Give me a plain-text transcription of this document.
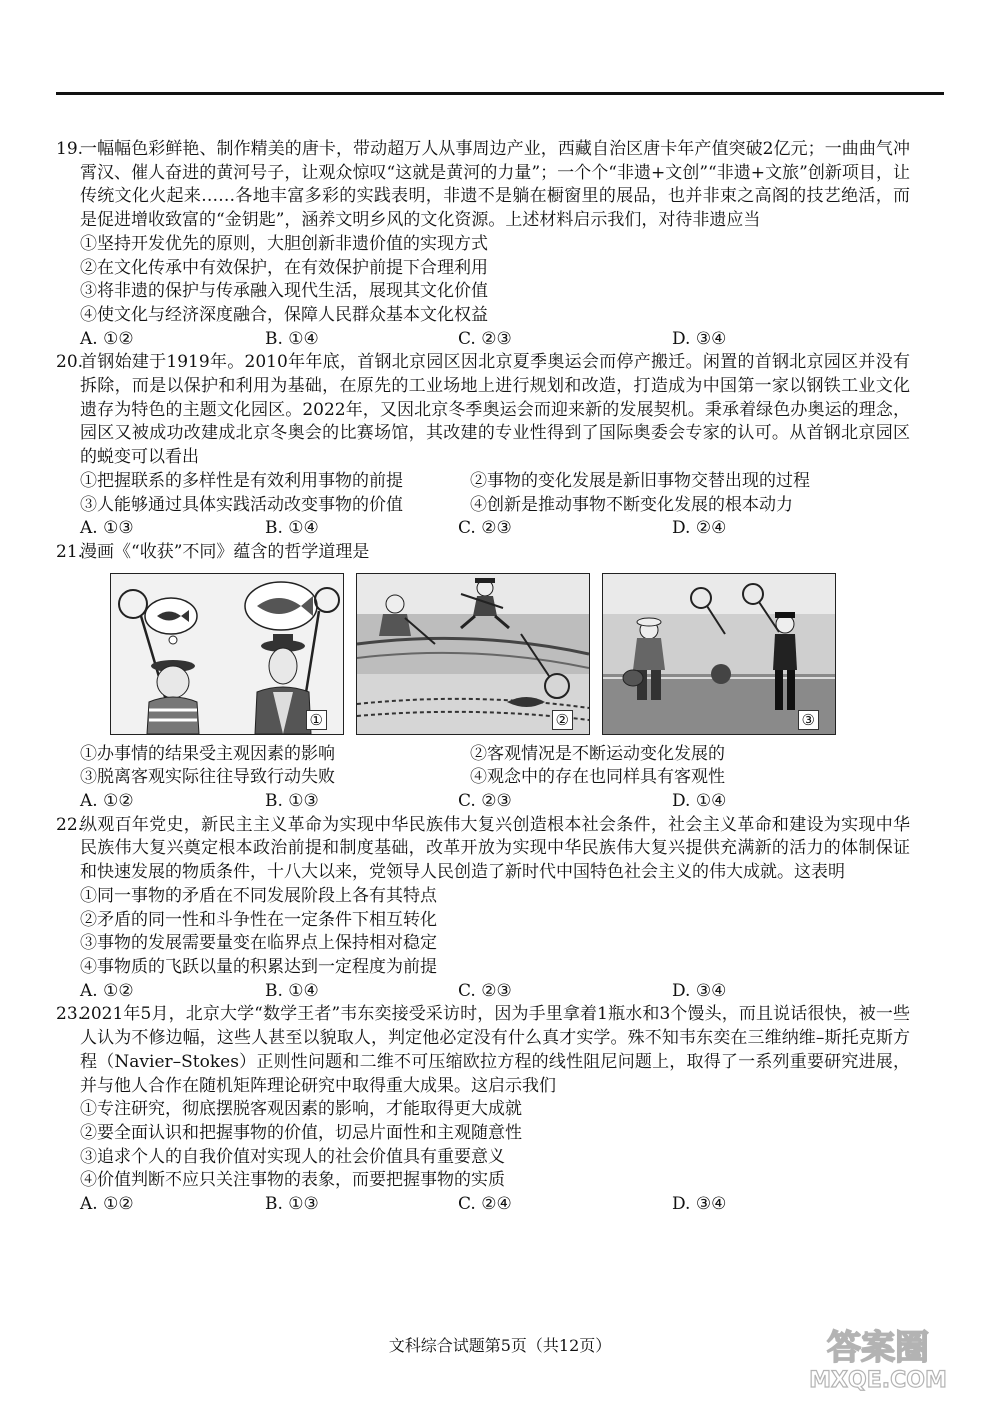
19.
一幅幅色彩鲜艳、制作精美的唐卡，带动超万人从事周边产业，西藏自治区唐卡年产值突破2亿元；一曲曲气冲霄汉、催人奋进的黄河号子，让观众惊叹“这就是黄河的力量”；一个个“非遗+文创”“非遗+文旅”创新项目，让传统文化火起来……各地丰富多彩的实践表明，非遗不是躺在橱窗里的展品，也并非束之高阁的技艺绝活，而是促进增收致富的“金钥匙”，涵养文明乡风的文化资源。上述材料启示我们，对待非遗应当
①坚持开发优先的原则，大胆创新非遗价值的实现方式
②在文化传承中有效保护，在有效保护前提下合理利用
③将非遗的保护与传承融入现代生活，展现其文化价值
④使文化与经济深度融合，保障人民群众基本文化权益
A. ①②	B. ①④	C. ②③	D. ③④
20.
首钢始建于1919年。2010年年底，首钢北京园区因北京夏季奥运会而停产搬迁。闲置的首钢北京园区并没有拆除，而是以保护和利用为基础，在原先的工业场地上进行规划和改造，打造成为中国第一家以钢铁工业文化遗存为特色的主题文化园区。2022年，又因北京冬季奥运会而迎来新的发展契机。秉承着绿色办奥运的理念，园区又被成功改建成北京冬奥会的比赛场馆，其改建的专业性得到了国际奥委会专家的认可。从首钢北京园区的蜕变可以看出
①把握联系的多样性是有效利用事物的前提	②事物的变化发展是新旧事物交替出现的过程
③人能够通过具体实践活动改变事物的价值	④创新是推动事物不断变化发展的根本动力
A. ①③	B. ①④	C. ②③	D. ②④
21.
漫画《“收获”不同》蕴含的哲学道理是
①	②	③
①办事情的结果受主观因素的影响	②客观情况是不断运动变化发展的
③脱离客观实际往往导致行动失败	④观念中的存在也同样具有客观性
A. ①②	B. ①③	C. ②③	D. ①④
22.
纵观百年党史，新民主主义革命为实现中华民族伟大复兴创造根本社会条件，社会主义革命和建设为实现中华民族伟大复兴奠定根本政治前提和制度基础，改革开放为实现中华民族伟大复兴提供充满新的活力的体制保证和快速发展的物质条件，十八大以来，党领导人民创造了新时代中国特色社会主义的伟大成就。这表明
①同一事物的矛盾在不同发展阶段上各有其特点
②矛盾的同一性和斗争性在一定条件下相互转化
③事物的发展需要量变在临界点上保持相对稳定
④事物质的飞跃以量的积累达到一定程度为前提
A. ①②	B. ①④	C. ②③	D. ③④
23.
2021年5月，北京大学“数学王者”韦东奕接受采访时，因为手里拿着1瓶水和3个馒头，而且说话很快，被一些人认为不修边幅，这些人甚至以貌取人，判定他必定没有什么真才实学。殊不知韦东奕在三维纳维–斯托克斯方程（Navier–Stokes）正则性问题和二维不可压缩欧拉方程的线性阻尼问题上，取得了一系列重要研究进展，并与他人合作在随机矩阵理论研究中取得重大成果。这启示我们
①专注研究，彻底摆脱客观因素的影响，才能取得更大成就
②要全面认识和把握事物的价值，切忌片面性和主观随意性
③追求个人的自我价值对实现人的社会价值具有重要意义
④价值判断不应只关注事物的表象，而要把握事物的实质
A. ①②	B. ①③	C. ②④	D. ③④
文科综合试题第5页（共12页）	答案圈
MXQE.COM
